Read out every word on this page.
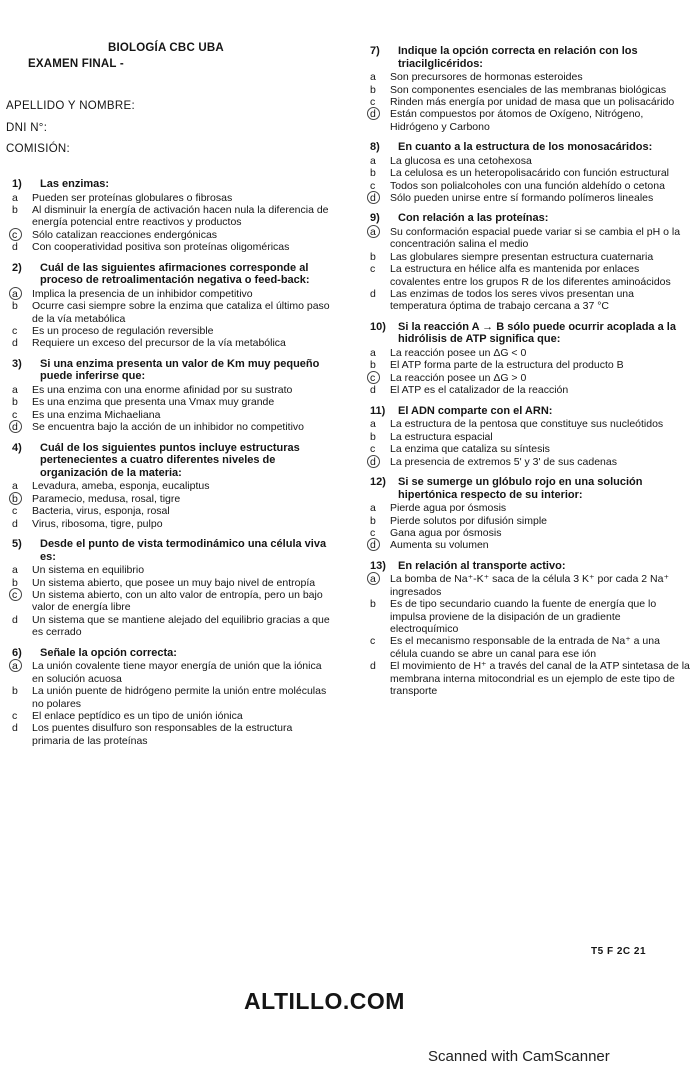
BIOLOGÍA CBC UBA
EXAMEN FINAL -
APELLIDO Y NOMBRE:
DNI N°:
COMISIÓN:
1)	Las enzimas:
a	Pueden ser proteínas globulares o fibrosas
b	Al disminuir la energía de activación hacen nula la diferencia de energía potencial entre reactivos y productos
c	Sólo catalizan reacciones endergónicas
d	Con cooperatividad positiva son proteínas oligoméricas
2)	Cuál de las siguientes afirmaciones corresponde al proceso de retroalimentación negativa o feed-back:
a	Implica la presencia de un inhibidor competitivo
b	Ocurre casi siempre sobre la enzima que cataliza el último paso de la vía metabólica
c	Es un proceso de regulación reversible
d	Requiere un exceso del precursor de la vía metabólica
3)	Si una enzima presenta un valor de Km muy pequeño puede inferirse que:
a	Es una enzima con una enorme afinidad por su sustrato
b	Es una enzima que presenta una Vmax muy grande
c	Es una enzima Michaeliana
d	Se encuentra bajo la acción de un inhibidor no competitivo
4)	Cuál de los siguientes puntos incluye estructuras pertenecientes a cuatro diferentes niveles de organización de la materia:
a	Levadura, ameba, esponja, eucaliptus
b	Paramecio, medusa, rosal, tigre
c	Bacteria, virus, esponja, rosal
d	Virus, ribosoma, tigre, pulpo
5)	Desde el punto de vista termodinámico una célula viva es:
a	Un sistema en equilibrio
b	Un sistema abierto, que posee un muy bajo nivel de entropía
c	Un sistema abierto, con un alto valor de entropía, pero un bajo valor de energía libre
d	Un sistema que se mantiene alejado del equilibrio gracias a que es cerrado
6)	Señale la opción correcta:
a	La unión covalente tiene mayor energía de unión que la iónica en solución acuosa
b	La unión puente de hidrógeno permite la unión entre moléculas no polares
c	El enlace peptídico es un tipo de unión iónica
d	Los puentes disulfuro son responsables de la estructura primaria de las proteínas
7)	Indique la opción correcta en relación con los triacilglicéridos:
a	Son precursores de hormonas esteroides
b	Son componentes esenciales de las membranas biológicas
c	Rinden más energía por unidad de masa que un polisacárido
d	Están compuestos por átomos de Oxígeno, Nitrógeno, Hidrógeno y Carbono
8)	En cuanto a la estructura de los monosacáridos:
a	La glucosa es una cetohexosa
b	La celulosa es un heteropolisacárido con función estructural
c	Todos son polialcoholes con una función aldehído o cetona
d	Sólo pueden unirse entre sí formando polímeros lineales
9)	Con relación a las proteínas:
a	Su conformación espacial puede variar si se cambia el pH o la concentración salina el medio
b	Las globulares siempre presentan estructura cuaternaria
c	La estructura en hélice alfa es mantenida por enlaces covalentes entre los grupos R de los diferentes aminoácidos
d	Las enzimas de todos los seres vivos presentan una temperatura óptima de trabajo cercana a 37 °C
10)	Si la reacción A → B sólo puede ocurrir acoplada a la hidrólisis de ATP significa que:
a	La reacción posee un ΔG < 0
b	El ATP forma parte de la estructura del producto B
c	La reacción posee un ΔG > 0
d	El ATP es el catalizador de la reacción
11)	El ADN comparte con el ARN:
a	La estructura de la pentosa que constituye sus nucleótidos
b	La estructura espacial
c	La enzima que cataliza su síntesis
d	La presencia de extremos 5' y 3' de sus cadenas
12)	Si se sumerge un glóbulo rojo en una solución hipertónica respecto de su interior:
a	Pierde agua por ósmosis
b	Pierde solutos por difusión simple
c	Gana agua por ósmosis
d	Aumenta su volumen
13)	En relación al transporte activo:
a	La bomba de Na⁺-K⁺ saca de la célula 3 K⁺ por cada 2 Na⁺ ingresados
b	Es de tipo secundario cuando la fuente de energía que lo impulsa proviene de la disipación de un gradiente electroquímico
c	Es el mecanismo responsable de la entrada de Na⁺ a una célula cuando se abre un canal para ese ión
d	El movimiento de H⁺ a través del canal de la ATP sintetasa de la membrana interna mitocondrial es un ejemplo de este tipo de transporte
T5 F 2C 21
ALTILLO.COM
Scanned with CamScanner
